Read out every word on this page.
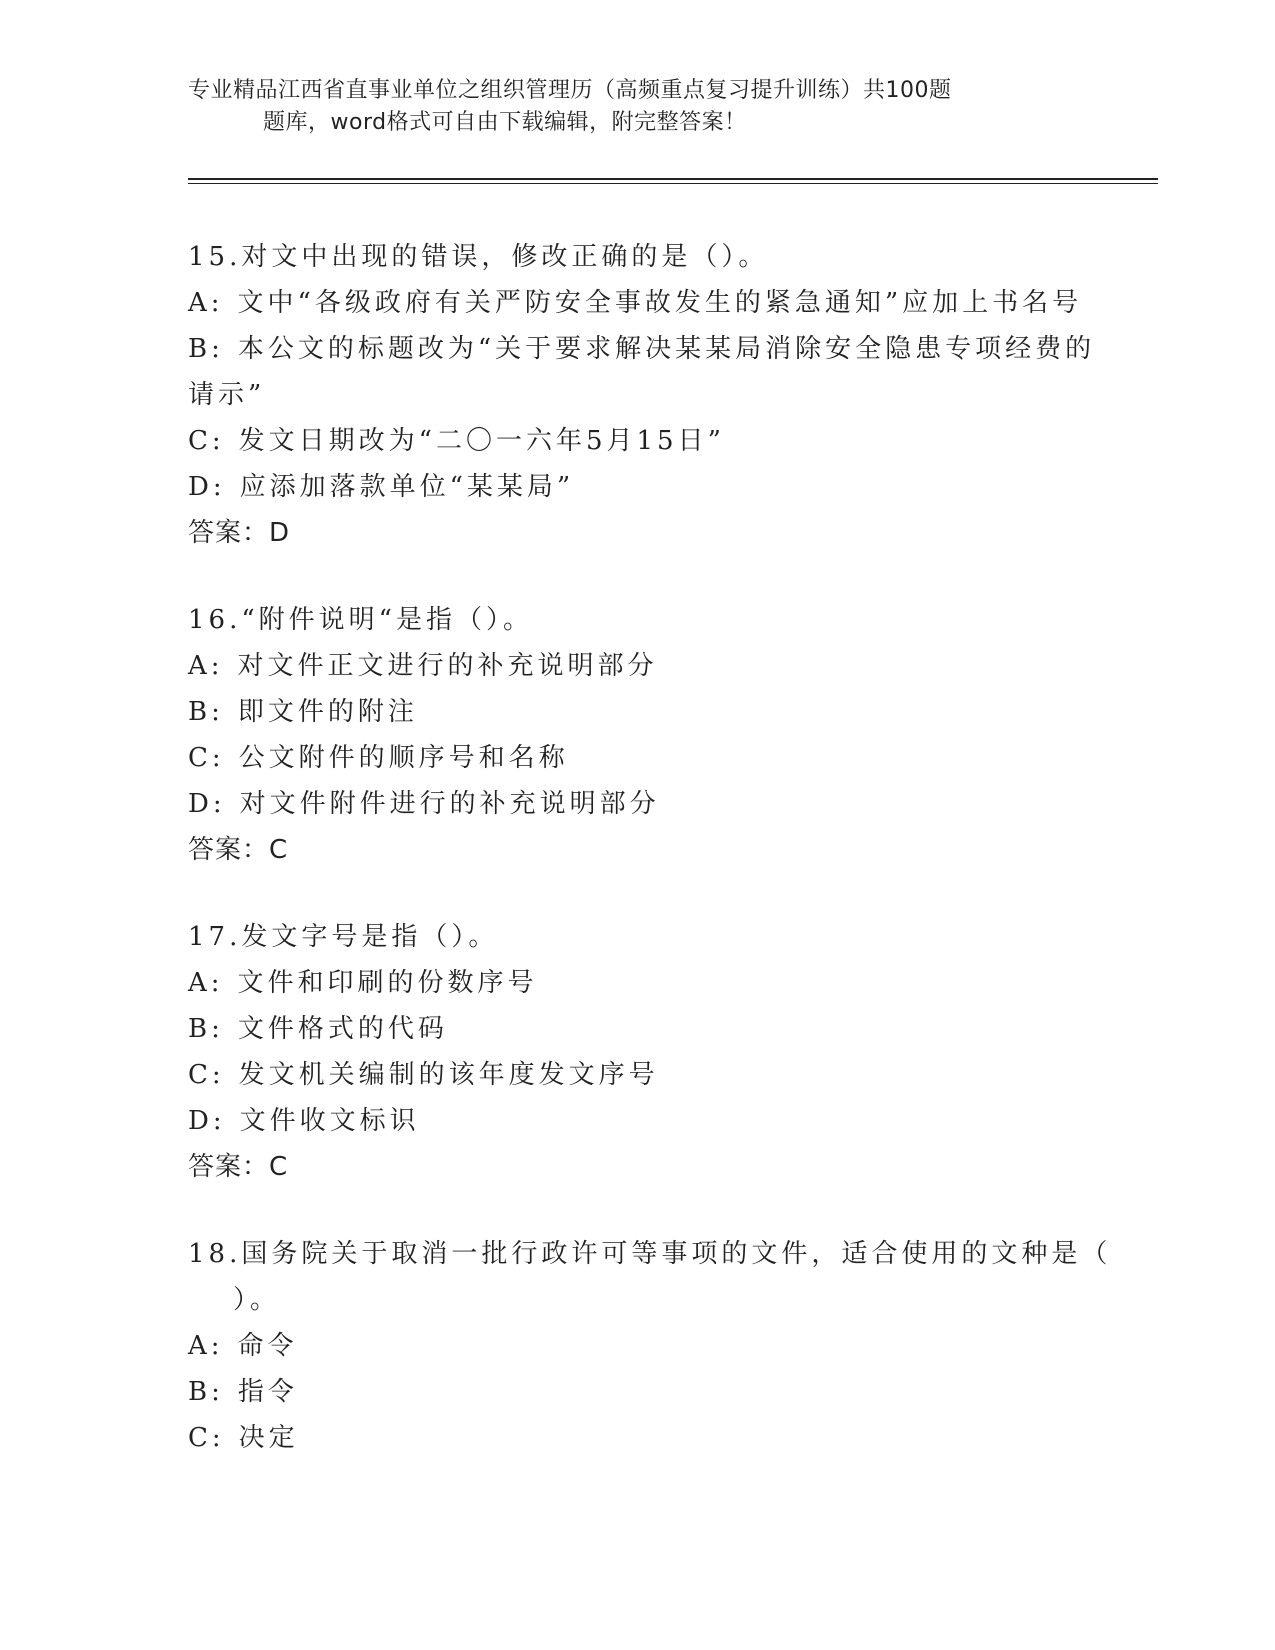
专业精品江西省直事业单位之组织管理历（高频重点复习提升训练）共100题
题库，word格式可自由下载编辑，附完整答案！
15.对文中出现的错误，修改正确的是（）。
A: 文中“各级政府有关严防安全事故发生的紧急通知”应加上书名号
B: 本公文的标题改为“关于要求解决某某局消除安全隐患专项经费的
请示”
C: 发文日期改为“二〇一六年5月15日”
D: 应添加落款单位“某某局”
答案：D
16.“附件说明“是指（）。
A: 对文件正文进行的补充说明部分
B: 即文件的附注
C: 公文附件的顺序号和名称
D: 对文件附件进行的补充说明部分
答案：C
17.发文字号是指（）。
A: 文件和印刷的份数序号
B: 文件格式的代码
C: 发文机关编制的该年度发文序号
D: 文件收文标识
答案：C
18.国务院关于取消一批行政许可等事项的文件，适合使用的文种是（
）。
A: 命令
B: 指令
C: 决定
